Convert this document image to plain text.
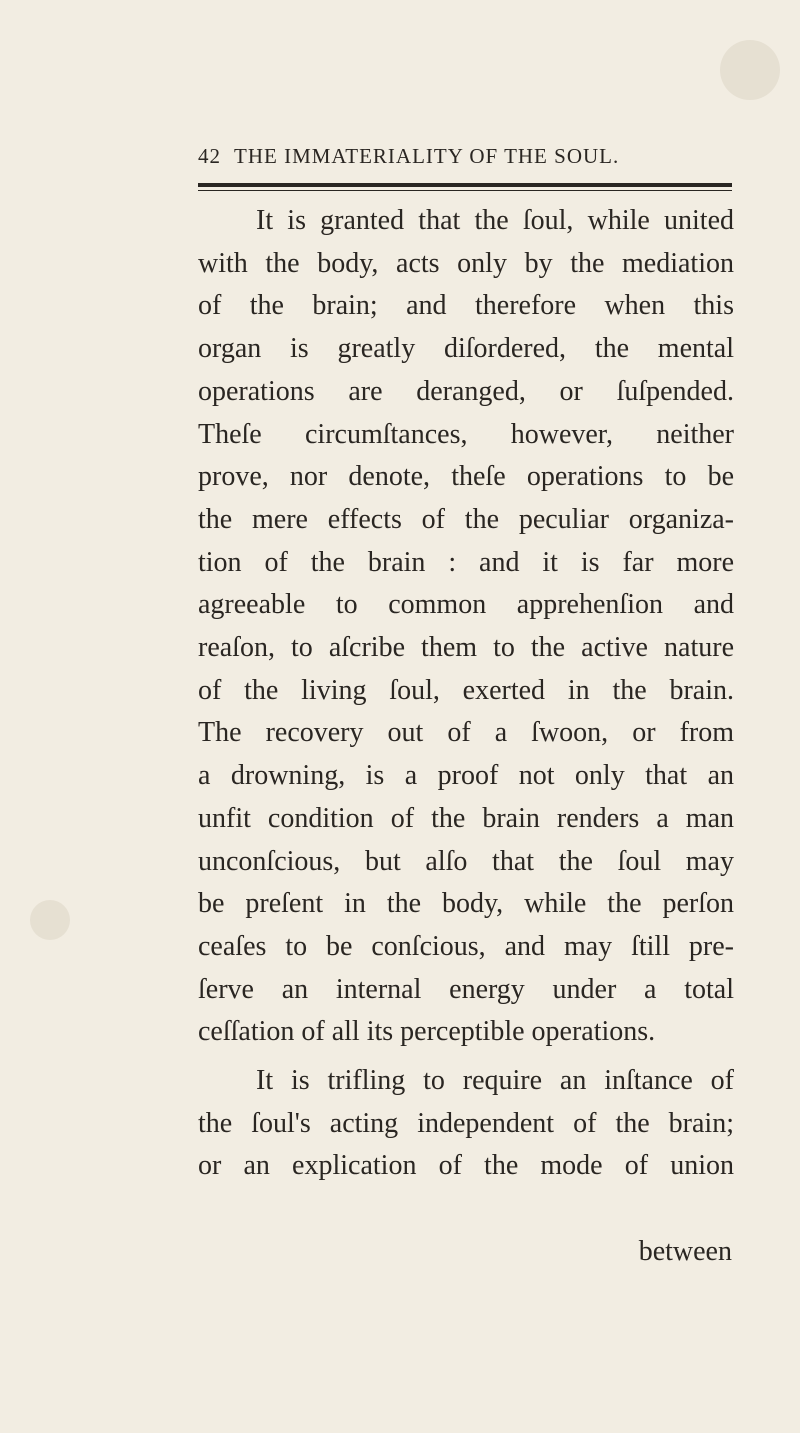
42 THE IMMATERIALITY OF THE SOUL.
It is granted that the ſoul, while united
with the body, acts only by the mediation
of the brain; and therefore when this
organ is greatly diſordered, the mental
operations are deranged, or ſuſpended.
Theſe circumſtances, however, neither
prove, nor denote, theſe operations to be
the mere effects of the peculiar organiza-
tion of the brain : and it is far more
agreeable to common apprehenſion and
reaſon, to aſcribe them to the active nature
of the living ſoul, exerted in the brain.
The recovery out of a ſwoon, or from
a drowning, is a proof not only that an
unfit condition of the brain renders a man
unconſcious, but alſo that the ſoul may
be preſent in the body, while the perſon
ceaſes to be conſcious, and may ſtill pre-
ſerve an internal energy under a total
ceſſation of all its perceptible operations.
It is trifling to require an inſtance of
the ſoul's acting independent of the brain;
or an explication of the mode of union
between
